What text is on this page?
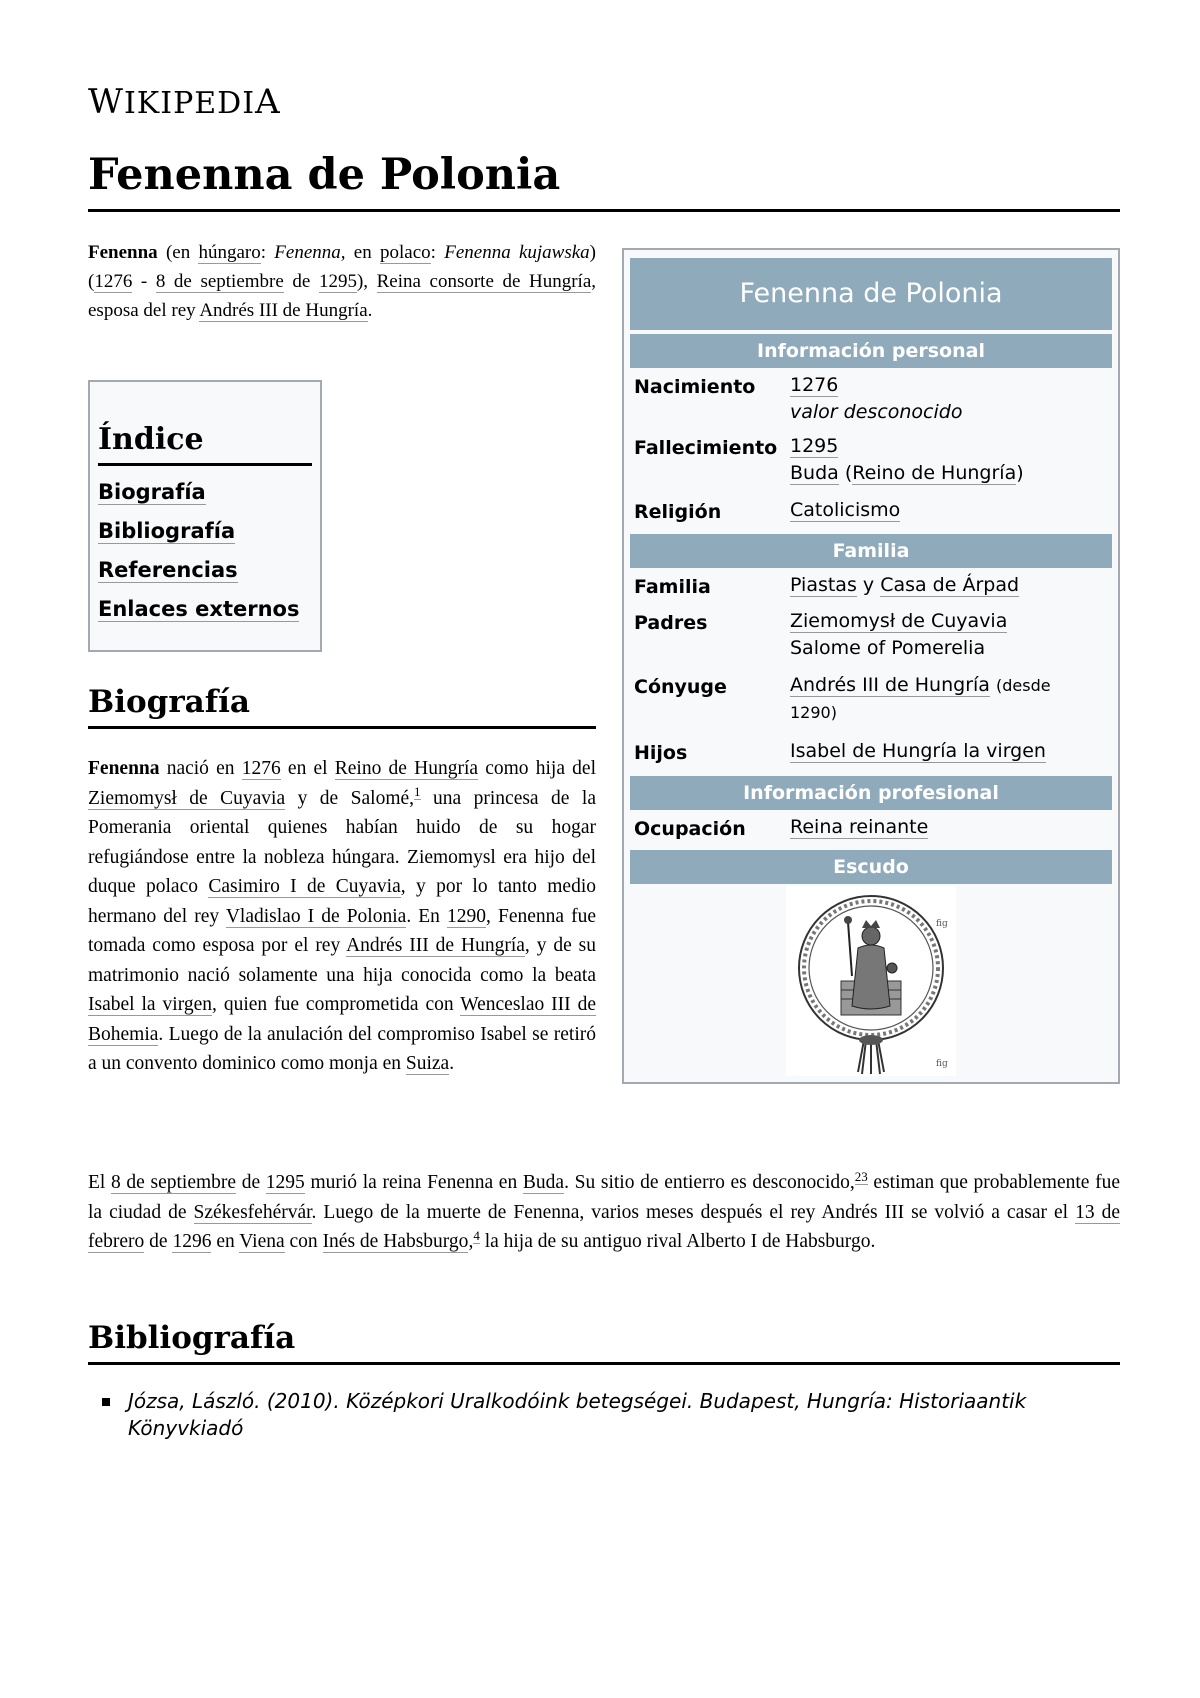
WIKIPEDIA
Fenenna de Polonia
Fenenna (en húngaro: Fenenna, en polaco: Fenenna kujawska) (1276 - 8 de septiembre de 1295), Reina consorte de Hungría, esposa del rey Andrés III de Hungría.
Índice
Biografía
Bibliografía
Referencias
Enlaces externos
Biografía
Fenenna nació en 1276 en el Reino de Hungría como hija del Ziemomysł de Cuyavia y de Salomé,$^1$ una princesa de la Pomerania oriental quienes habían huido de su hogar refugiándose entre la nobleza húngara. Ziemomysl era hijo del duque polaco Casimiro I de Cuyavia, y por lo tanto medio hermano del rey Vladislao I de Polonia. En 1290, Fenenna fue tomada como esposa por el rey Andrés III de Hungría, y de su matrimonio nació solamente una hija conocida como la beata Isabel la virgen, quien fue comprometida con Wenceslao III de Bohemia. Luego de la anulación del compromiso Isabel se retiró a un convento dominico como monja en Suiza.
El 8 de septiembre de 1295 murió la reina Fenenna en Buda. Su sitio de entierro es desconocido,$^{23}$ estiman que probablemente fue la ciudad de Székesfehérvár. Luego de la muerte de Fenenna, varios meses después el rey Andrés III se volvió a casar el 13 de febrero de 1296 en Viena con Inés de Habsburgo,$^4$ la hija de su antiguo rival Alberto I de Habsburgo.
Bibliografía
Józsa, László. (2010). Középkori Uralkodóink betegségei. Budapest, Hungría: Historiaantik Könyvkiadó
Fenenna de Polonia
Información personal
Nacimiento 1276
valor desconocido
Fallecimiento 1295
Buda (Reino de Hungría)
Religión	Catolicismo
Familia
Familia	Piastas y Casa de Árpad
Padres	Ziemomysł de Cuyavia
Salome of Pomerelia
Cónyuge	Andrés III de Hungría (desde 1290)
Hijos	Isabel de Hungría la virgen
Información profesional
Ocupación Reina reinante
Escudo
fig
fig
